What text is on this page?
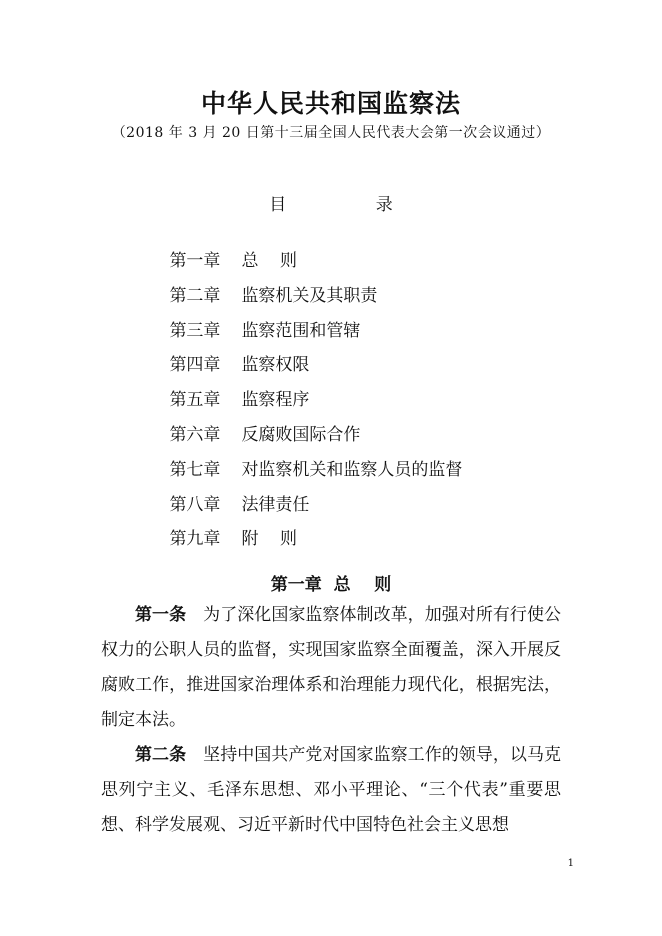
中华人民共和国监察法
（2018 年 3 月 20 日第十三届全国人民代表大会第一次会议通过）
目    录

第一章 总    则

第二章 监察机关及其职责

第三章 监察范围和管辖

第四章 监察权限

第五章 监察程序

第六章 反腐败国际合作

第七章 对监察机关和监察人员的监督

第八章 法律责任

第九章 附    则

第一章  总    则

第一条  为了深化国家监察体制改革，加强对所有行使公权力的公职人员的监督，实现国家监察全面覆盖，深入开展反腐败工作，推进国家治理体系和治理能力现代化，根据宪法，制定本法。

第二条  坚持中国共产党对国家监察工作的领导，以马克思列宁主义、毛泽东思想、邓小平理论、“三个代表”重要思想、科学发展观、习近平新时代中国特色社会主义思想

1
